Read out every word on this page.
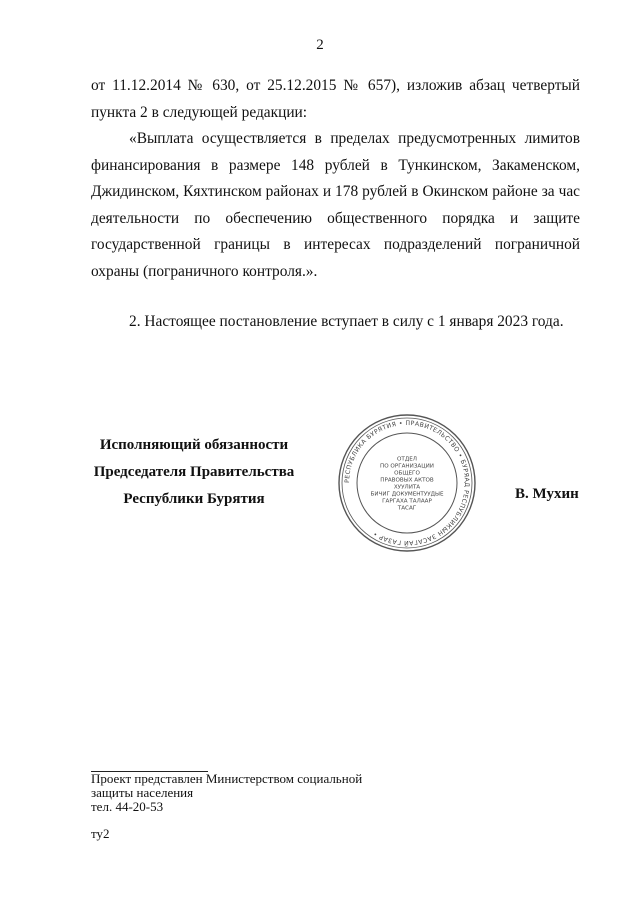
2
от 11.12.2014 № 630, от 25.12.2015 № 657), изложив абзац четвертый пункта 2 в следующей редакции:
«Выплата осуществляется в пределах предусмотренных лимитов финансирования в размере 148 рублей в Тункинском, Закаменском, Джидинском, Кяхтинском районах и 178 рублей в Окинском районе за час деятельности по обеспечению общественного порядка и защите государственной границы в интересах подразделений пограничной охраны (пограничного контроля.».
2. Настоящее постановление вступает в силу с 1 января 2023 года.
Исполняющий обязанности
Председателя Правительства
Республики Бурятия
РЕСПУБЛИКА БУРЯТИЯ • ПРАВИТЕЛЬСТВО • БУРЯАД РЕСПУБЛИКЫН ЗАСАГАЙ ГАЗАР •
ОТДЕЛ
ПО ОРГАНИЗАЦИИ
ОБЩЕГО
ПРАВОВЫХ АКТОВ
ХУУЛИТА
БИЧИГ ДОКУМЕНТУУДЫЕ
ГАРГАХА ТАЛААР
ТАСАГ
В. Мухин
Проект представлен Министерством социальной
защиты населения
тел. 44-20-53
ту2
